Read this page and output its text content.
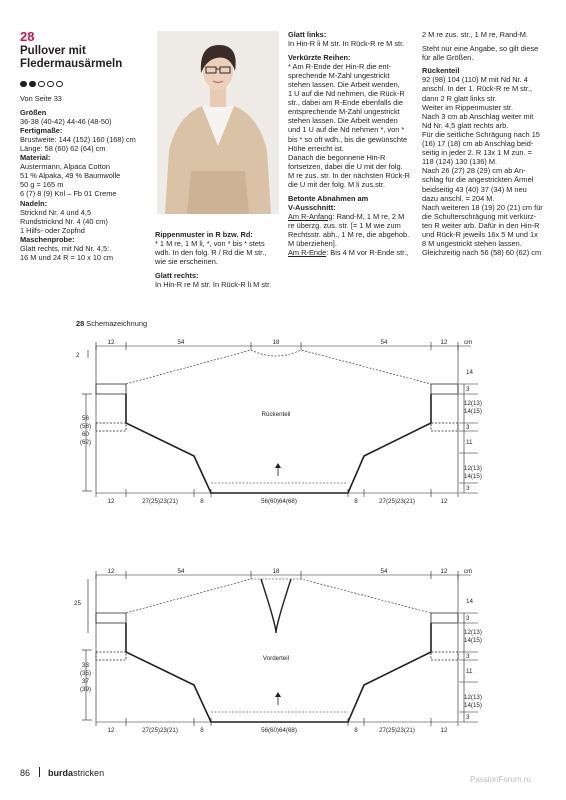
28
Pullover mit
Fledermausärmeln

Von Seite 33

Größen

36-38 (40-42) 44-46 (48-50)

Fertigmaße:

Brustweite: 144 (152) 160 (168) cm

Länge: 58 (60) 62 (64) cm

Material:

Austermann, Alpaca Cotton

51 % Alpaka, 49 % Baumwolle

50 g = 165 m

6 (7) 8 (9) Knl – Fb 01 Creme

Nadeln:

Stricknd Nr. 4 und 4,5

Rundstricknd Nr. 4 (40 cm)

1 Hilfs- oder Zopfnd

Maschenprobe:

Glatt rechts, mit Nd Nr. 4,5:

16 M und 24 R = 10 x 10 cm

Rippenmuster in R bzw. Rd:

* 1 M re, 1 M li, *, von * bis * stets

wdh. In den folg. R / Rd die M str.,

wie sie erscheinen.

Glatt rechts:

In Hin-R re M str. In Rück-R li M str.

Glatt links:

In Hin-R li M str. In Rück-R re M str.

Verkürzte Reihen:

* Am R-Ende der Hin-R die ent-

sprechende M-Zahl ungestrickt

stehen lassen. Die Arbeit wenden,

1 U auf die Nd nehmen, die Rück-R

str., dabei am R-Ende ebenfalls die

entsprechende M-Zahl ungestrickt

stehen lassen. Die Arbeit wenden

und 1 U auf die Nd nehmen *, von *

bis * so oft wdh., bis die gewünschte

Höhe erreicht ist.

Danach die begonnene Hin-R

fortsetzen, dabei die U mit der folg.

M re zus. str. In der nächsten Rück-R

die U mit der folg. M li zus.str.

Betonte Abnahmen am

V-Ausschnitt:

Am R-Anfang: Rand-M, 1 M re, 2 M

re überzg. zus. str. [= 1 M wie zum

Rechtsstr. abh., 1 M re, die abgehob.

M überziehen].

Am R-Ende: Bis 4 M vor R-Ende str.,

2 M re zus. str., 1 M re, Rand-M.

Steht nur eine Angabe, so gilt diese

für alle Größen.

Rückenteil

92 (98) 104 (110) M mit Nd Nr. 4

anschl. In der 1. Rück-R re M str.,

dann 2 R glatt links str.

Weiter im Rippenmuster str.

Nach 3 cm ab Anschlag weiter mit

Nd Nr. 4,5 glatt rechts arb.

Für die seitliche Schrägung nach 15

(16) 17 (18) cm ab Anschlag beid-

seitig in jeder 2. R 13x 1 M zun. =

118 (124) 130 (136) M.

Nach 26 (27) 28 (29) cm ab An-

schlag für die angestrickten Ärmel

beidseitig 43 (40) 37 (34) M neu

dazu anschl. = 204 M.

Nach weiteren 18 (19) 20 (21) cm für

die Schulterschrägung mit verkürz-

ten R weiter arb. Dafür in den Hin-R

und Rück-R jeweils 16x 5 M und 1x

8 M ungestrickt stehen lassen.

Gleichzeitig nach 56 (58) 60 (62) cm

28 Schemazeichnung
Rückenteil
12	54	18	54	12	cm
12	27(25)23(21)	8	56(60)64(68)	8	27(25)23(21)	12
14
3
12(13)
14(15)
3
11
12(13)
14(15)
3
2
56
(58)
60
(62)
Vorderteil
12	54	18	54	12	cm
12	27(25)23(21)	8	56(60)64(68)	8	27(25)23(21)	12
14
3
12(13)
14(15)
3
11
12(13)
14(15)
3
25
33
(35)
37
(39)
86 burdastricken
PassionForum.ru
